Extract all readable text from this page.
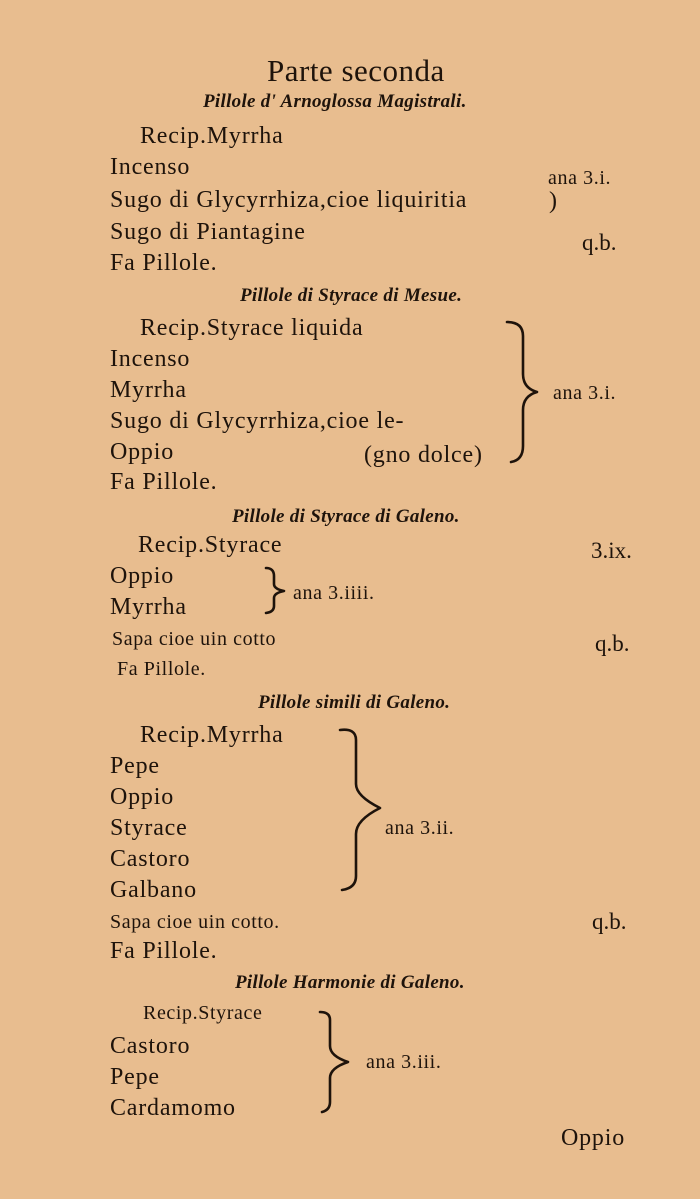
Parte seconda
Pillole d' Arnoglossa Magistrali.
Recip.Myrrha
Incenso	ana 3.i.
Sugo di Glycyrrhiza,cioe liquiritia	)
Sugo di Piantagine	q.b.
Fa Pillole.
Pillole di Styrace di Mesue.
Recip.Styrace liquida
Incenso
Myrrha
Sugo di Glycyrrhiza,cioe le-
Oppio	(gno dolce)
Fa Pillole.
ana 3.i.
Pillole di Styrace di Galeno.
Recip.Styrace	3.ix.
Oppio
Myrrha
ana 3.iiii.
Sapa cioe uin cotto	q.b.
Fa Pillole.
Pillole simili di Galeno.
Recip.Myrrha
Pepe
Oppio
Styrace
Castoro
Galbano
ana 3.ii.
Sapa cioe uin cotto.	q.b.
Fa Pillole.
Pillole Harmonie di Galeno.
Recip.Styrace
Castoro
Pepe
Cardamomo
ana 3.iii.
Oppio
